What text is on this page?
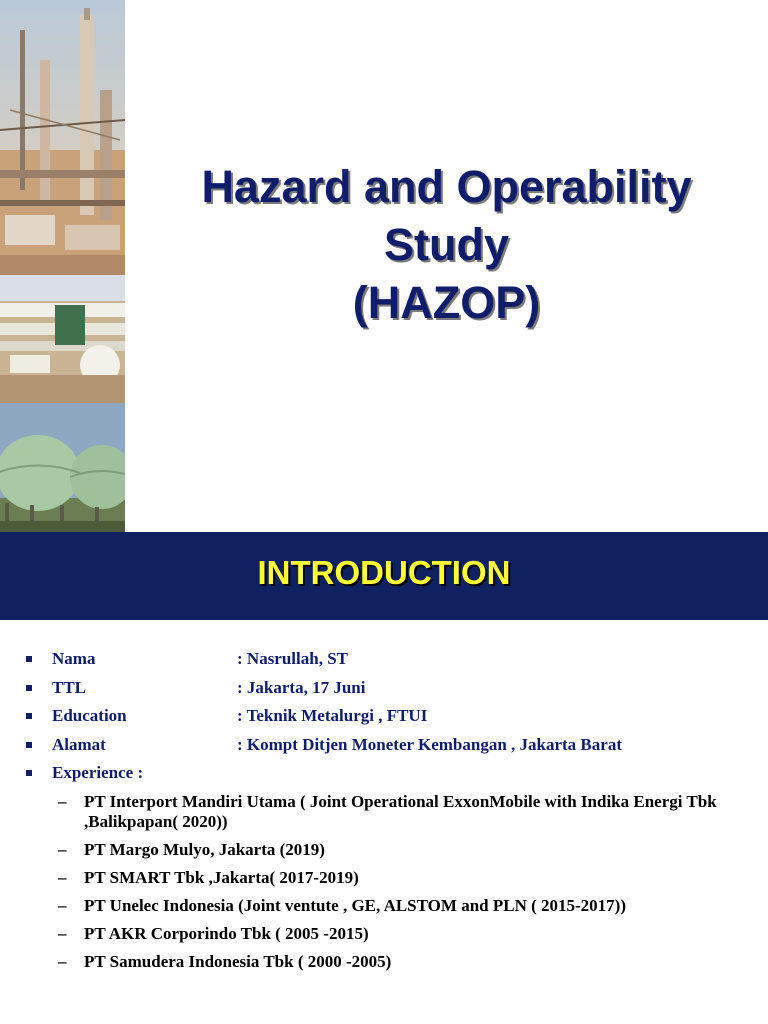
Hazard and Operability
Study
(HAZOP)
INTRODUCTION
Nama	: Nasrullah, ST
TTL	: Jakarta, 17 Juni
Education	: Teknik Metalurgi , FTUI
Alamat	: Kompt Ditjen Moneter Kembangan , Jakarta Barat
Experience :
– PT Interport Mandiri Utama ( Joint Operational ExxonMobile with Indika Energi Tbk ,Balikpapan( 2020))
– PT Margo Mulyo, Jakarta (2019)
– PT SMART Tbk ,Jakarta( 2017-2019)
– PT Unelec Indonesia (Joint ventute , GE, ALSTOM and PLN ( 2015-2017))
– PT AKR Corporindo Tbk ( 2005 -2015)
– PT Samudera Indonesia Tbk ( 2000 -2005)
